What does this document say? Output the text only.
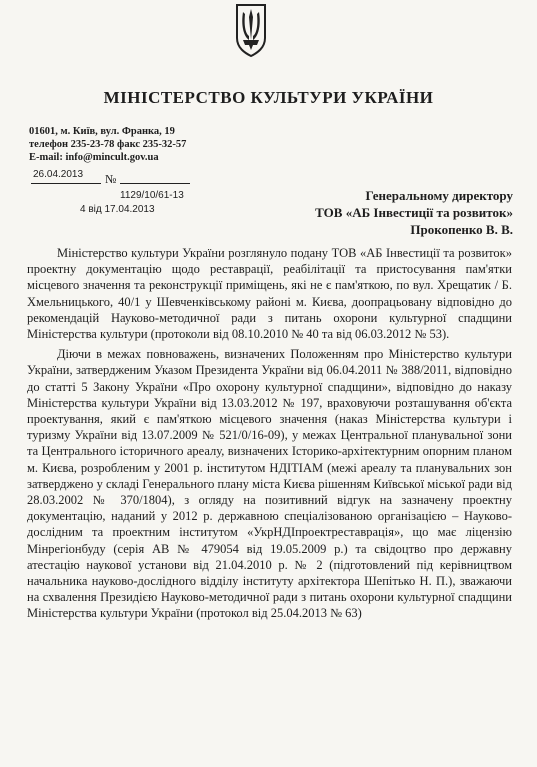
МІНІСТЕРСТВО КУЛЬТУРИ УКРАЇНИ
01601, м. Київ, вул. Франка, 19
телефон 235-23-78 факс 235-32-57
E-mail: info@mincult.gov.ua
26.04.2013 №
1129/10/61-13
4 від 17.04.2013
Генеральному директору
ТОВ «АБ Інвестиції та розвиток»
Прокопенко В. В.

Міністерство культури України розглянуло подану ТОВ «АБ Інвестиції та розвиток» проектну документацію щодо реставрації, реабілітації та пристосування пам'ятки місцевого значення та реконструкції приміщень, які не є пам'яткою, по вул. Хрещатик / Б. Хмельницького, 40/1 у Шевченківському районі м. Києва, доопрацьовану відповідно до рекомендацій Науково-методичної ради з питань охорони культурної спадщини Міністерства культури (протоколи від 08.10.2010 № 40 та від 06.03.2012 № 53).

Діючи в межах повноважень, визначених Положенням про Міністерство культури України, затвердженим Указом Президента України від 06.04.2011 № 388/2011, відповідно до статті 5 Закону України «Про охорону культурної спадщини», відповідно до наказу Міністерства культури України від 13.03.2012 № 197, враховуючи розташування об'єкта проектування, який є пам'яткою місцевого значення (наказ Міністерства культури і туризму України від 13.07.2009 № 521/0/16-09), у межах Центральної планувальної зони та Центрального історичного ареалу, визначених Історико-архітектурним опорним планом м. Києва, розробленим у 2001 р. інститутом НДІТІАМ (межі ареалу та планувальних зон затверджено у складі Генерального плану міста Києва рішенням Київської міської ради від 28.03.2002 № 370/1804), з огляду на позитивний відгук на зазначену проектну документацію, наданий у 2012 р. державною спеціалізованою організацією – Науково-дослідним та проектним інститутом «УкрНДІпроектреставрація», що має ліцензію Мінрегіонбуду (серія АВ № 479054 від 19.05.2009 р.) та свідоцтво про державну атестацію наукової установи від 21.04.2010 р. № 2 (підготовлений під керівництвом начальника науково-дослідного відділу інституту архітектора Шепітько Н. П.), зважаючи на схвалення Президією Науково-методичної ради з питань охорони культурної спадщини Міністерства культури України (протокол від 25.04.2013 № 63)
